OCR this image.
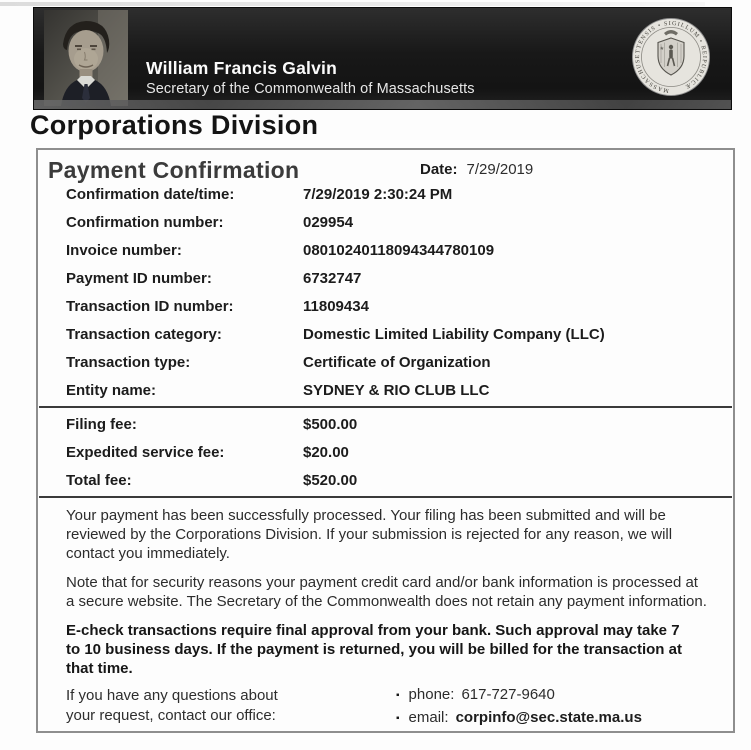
William Francis Galvin
Secretary of the Commonwealth of Massachusetts	MASSACHUSETTENSIS • SIGILLUM • REIPUBLICÆ
Corporations Division
Payment Confirmation	Date: 7/29/2019
Confirmation date/time:	7/29/2019 2:30:24 PM
Confirmation number:	029954
Invoice number:	08010240118094344780109
Payment ID number:	6732747
Transaction ID number:	11809434
Transaction category:	Domestic Limited Liability Company (LLC)
Transaction type:	Certificate of Organization
Entity name:	SYDNEY & RIO CLUB LLC
Filing fee:	$500.00
Expedited service fee:	$20.00
Total fee:	$520.00
Your payment has been successfully processed. Your filing has been submitted and will be
reviewed by the Corporations Division. If your submission is rejected for any reason, we will
contact you immediately.
Note that for security reasons your payment credit card and/or bank information is processed at
a secure website. The Secretary of the Commonwealth does not retain any payment information.
E-check transactions require final approval from your bank. Such approval may take 7
to 10 business days. If the payment is returned, you will be billed for the transaction at
that time.
If you have any questions about
your request, contact our office:
▪ phone: 617-727-9640
▪ email: corpinfo@sec.state.ma.us
